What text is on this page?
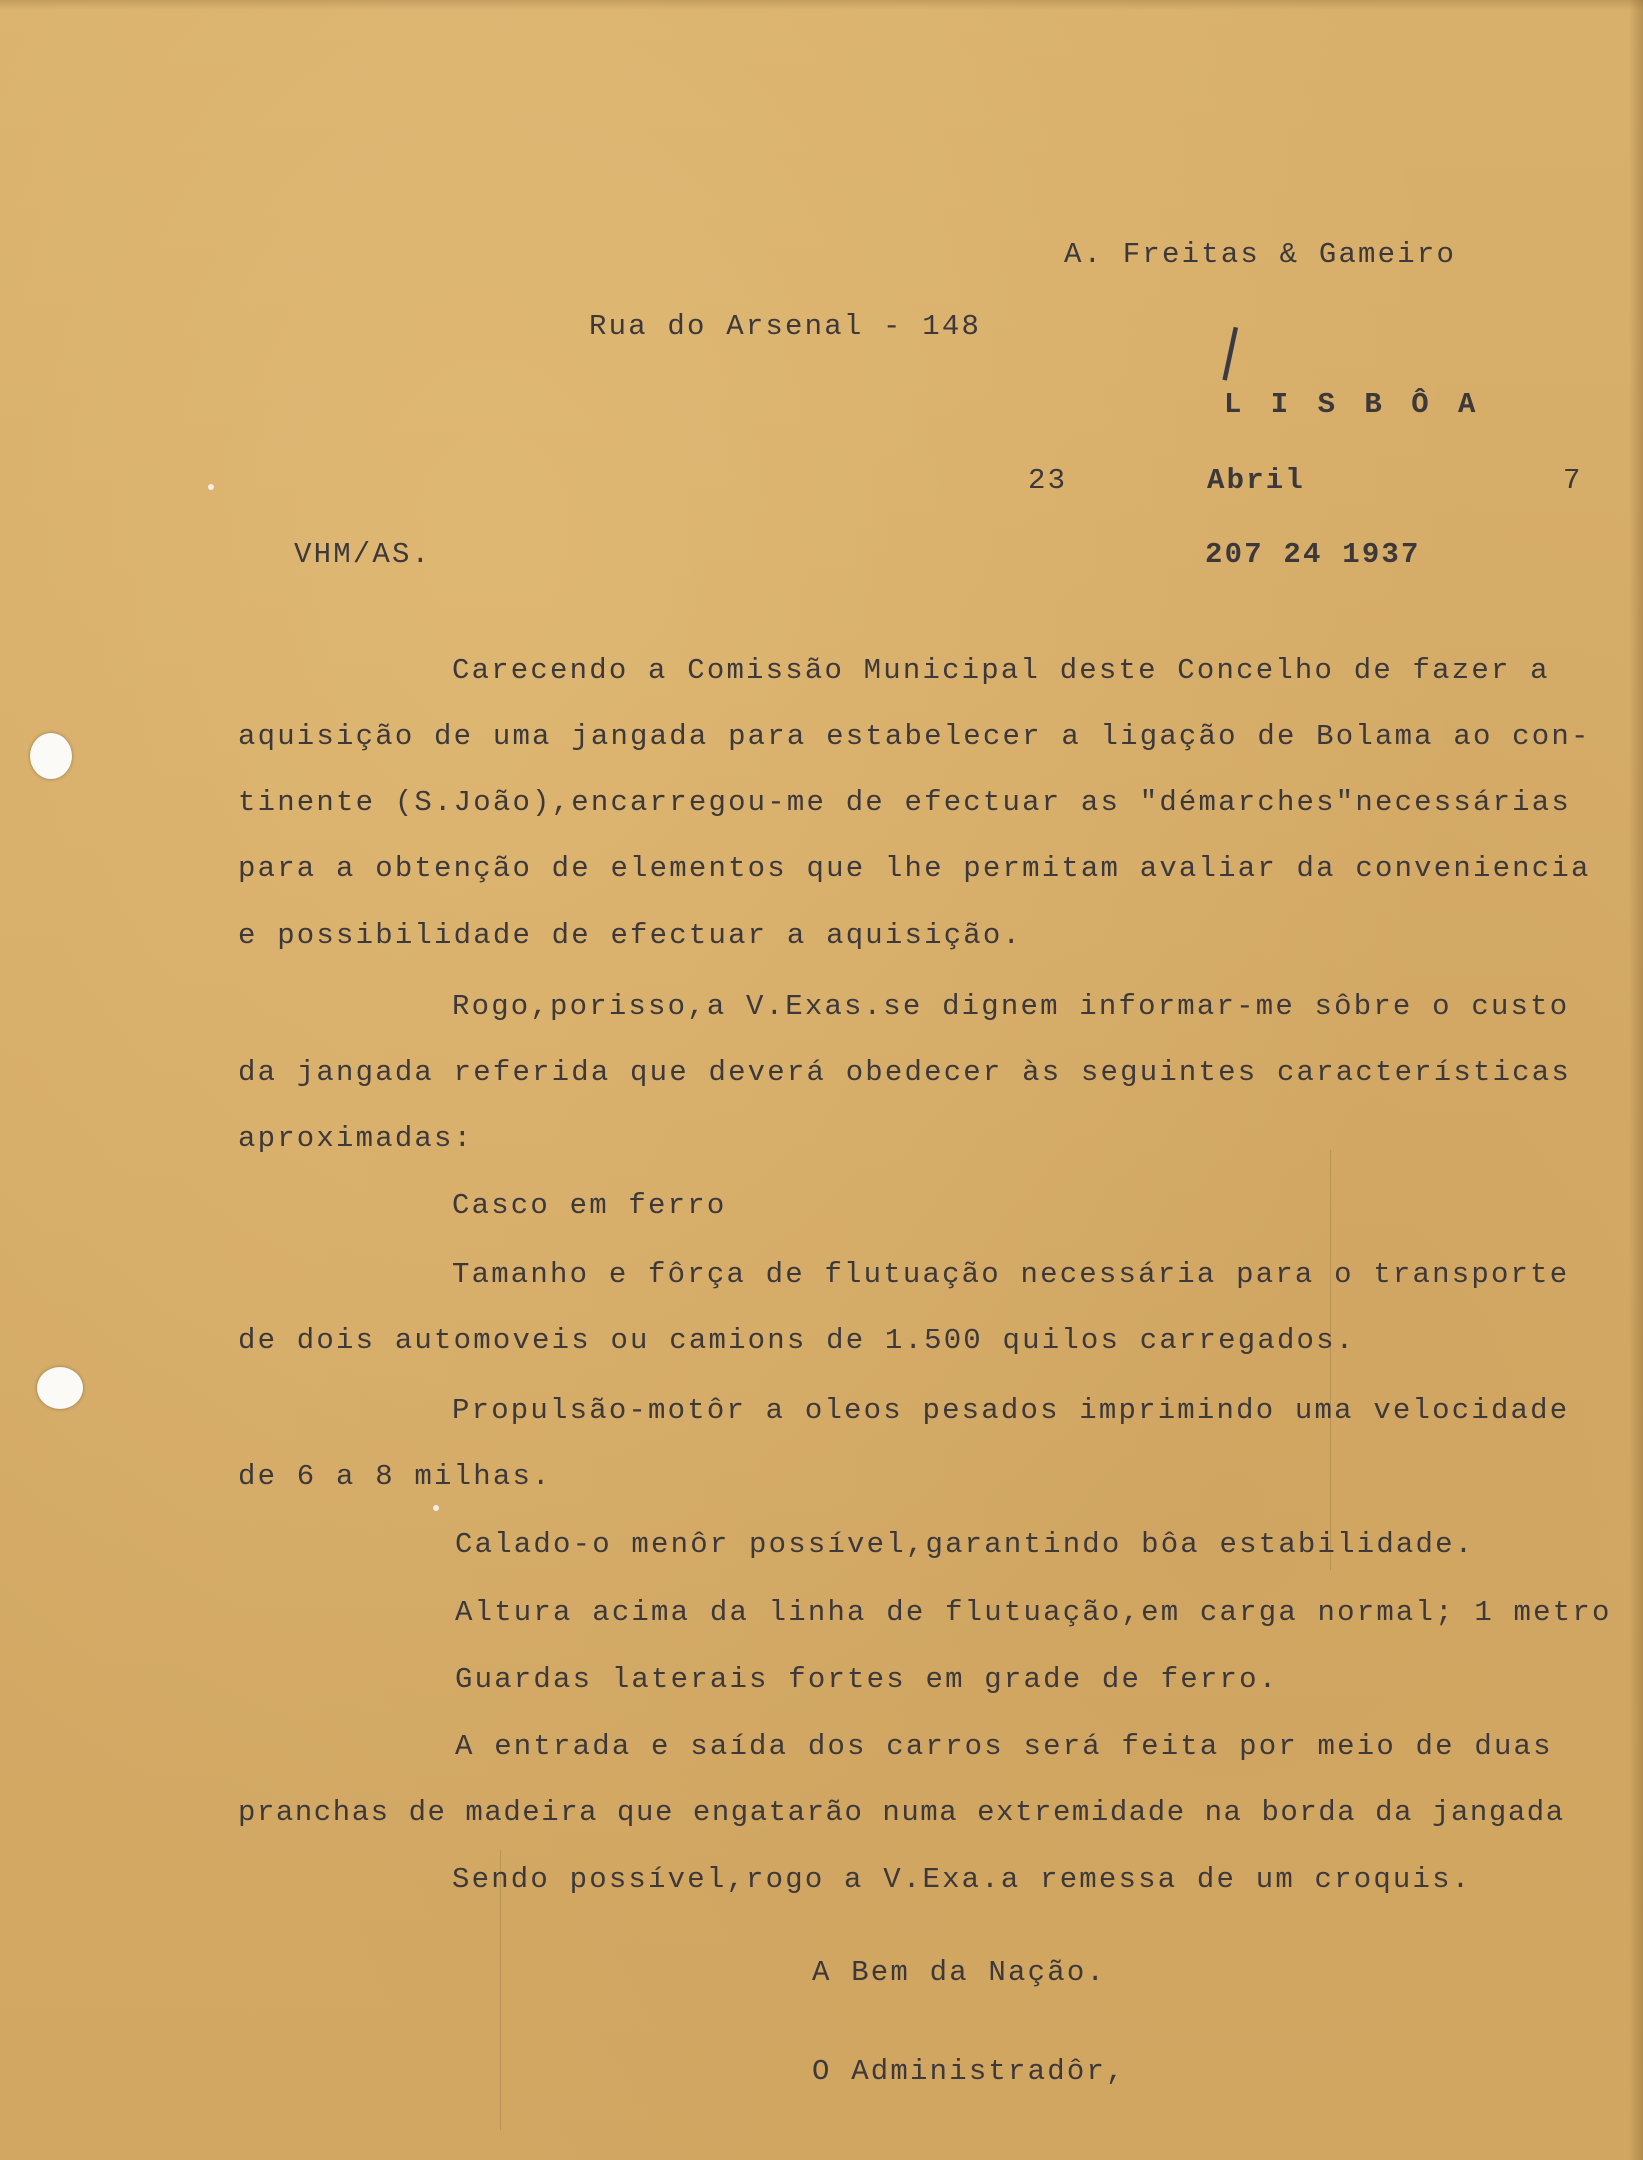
A. Freitas & Gameiro
Rua do Arsenal - 148	|
L I S B Ô A
23	Abril	7
VHM/AS.	207 24 1937
Carecendo a Comissão Municipal deste Concelho de fazer a
aquisição de uma jangada para estabelecer a ligação de Bolama ao con-
tinente (S.João),encarregou-me de efectuar as "démarches"necessárias
para a obtenção de elementos que lhe permitam avaliar da conveniencia
e possibilidade de efectuar a aquisição.
Rogo,porisso,a V.Exas.se dignem informar-me sôbre o custo
da jangada referida que deverá obedecer às seguintes características
aproximadas:
Casco em ferro
Tamanho e fôrça de flutuação necessária para o transporte
de dois automoveis ou camions de 1.500 quilos carregados.
Propulsão-motôr a oleos pesados imprimindo uma velocidade
de 6 a 8 milhas.
Calado-o menôr possível,garantindo bôa estabilidade.
Altura acima da linha de flutuação,em carga normal; 1 metro
Guardas laterais fortes em grade de ferro.
A entrada e saída dos carros será feita por meio de duas
pranchas de madeira que engatarão numa extremidade na borda da jangada
Sendo possível,rogo a V.Exa.a remessa de um croquis.
A Bem da Nação.
O Administradôr,
